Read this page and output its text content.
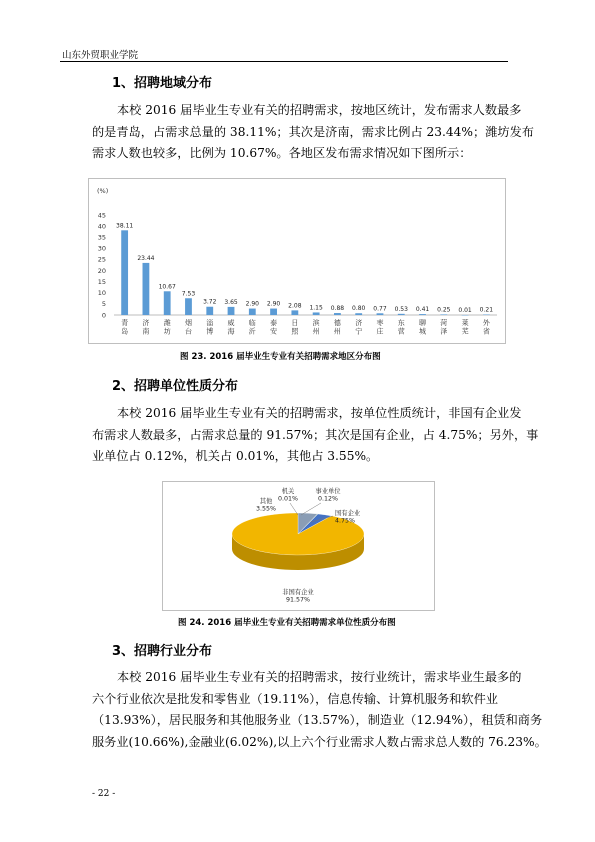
山东外贸职业学院
1、招聘地域分布
本校 2016 届毕业生专业有关的招聘需求，按地区统计，发布需求人数最多
的是青岛，占需求总量的 38.11%；其次是济南，需求比例占 23.44%；潍坊发布
需求人数也较多，比例为 10.67%。各地区发布需求情况如下图所示：
(%)
0
5
10
15
20
25
30
35
40
45
38.11
青
岛
23.44
济
南
10.67
潍
坊
7.53
烟
台
3.72
淄
博
3.65
威
海
2.90
临
沂
2.90
泰
安
2.08
日
照
1.15
滨
州
0.88
德
州
0.80
济
宁
0.77
枣
庄
0.53
东
营
0.41
聊
城
0.25
菏
泽
0.01
莱
芜
0.21
外
省
图 23. 2016 届毕业生专业有关招聘需求地区分布图
2、招聘单位性质分布
本校 2016 届毕业生专业有关的招聘需求，按单位性质统计，非国有企业发
布需求人数最多，占需求总量的 91.57%；其次是国有企业，占 4.75%；另外，事
业单位占 0.12%，机关占 0.01%，其他占 3.55%。
非国有企业
91.57%
国有企业
4.75%
事业单位
0.12%
机关
0.01%
其他
3.55%
图 24. 2016 届毕业生专业有关招聘需求单位性质分布图
3、招聘行业分布
本校 2016 届毕业生专业有关的招聘需求，按行业统计，需求毕业生最多的
六个行业依次是批发和零售业（19.11%），信息传输、计算机服务和软件业
（13.93%），居民服务和其他服务业（13.57%），制造业（12.94%），租赁和商务
服务业(10.66%),金融业(6.02%),以上六个行业需求人数占需求总人数的 76.23%。
- 22 -
